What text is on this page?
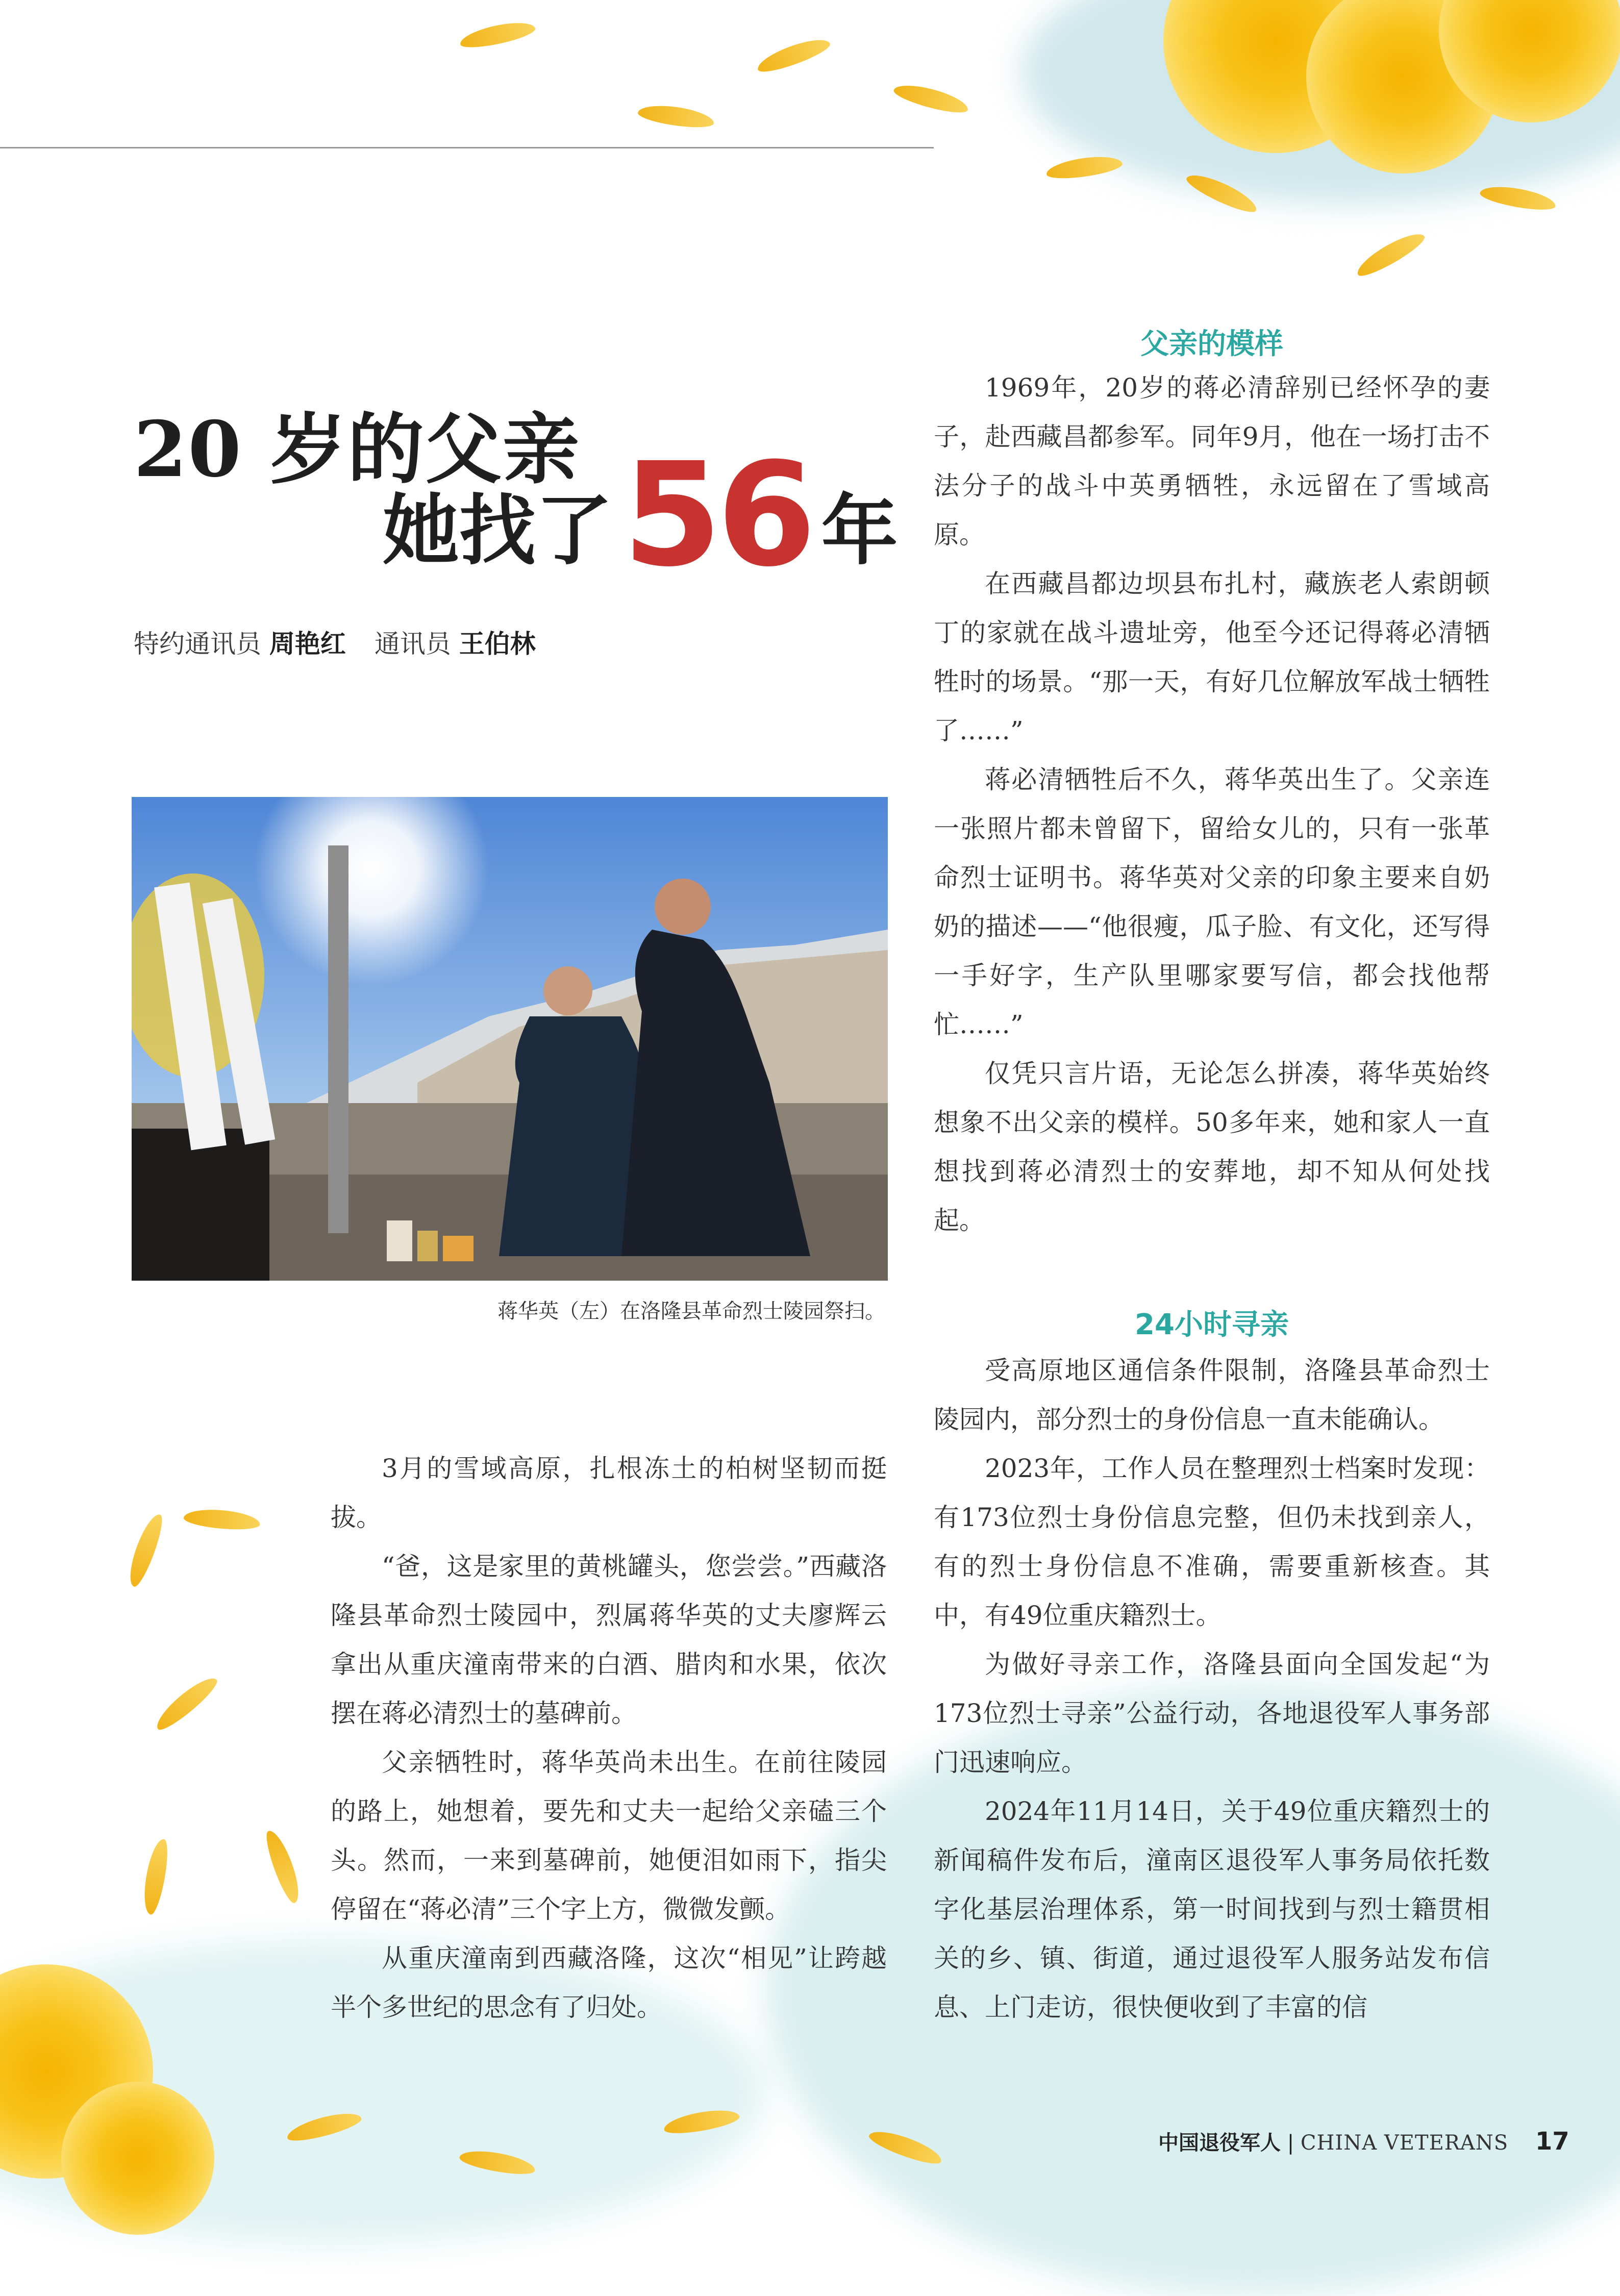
20 岁的父亲
她找了56 年
特约通讯员 周艳红 通讯员 王伯林
蒋华英（左）在洛隆县革命烈士陵园祭扫。

3月的雪域高原，扎根冻土的柏树坚韧而挺拔。

“爸，这是家里的黄桃罐头，您尝尝。”西藏洛隆县革命烈士陵园中，烈属蒋华英的丈夫廖辉云拿出从重庆潼南带来的白酒、腊肉和水果，依次摆在蒋必清烈士的墓碑前。

父亲牺牲时，蒋华英尚未出生。在前往陵园的路上，她想着，要先和丈夫一起给父亲磕三个头。然而，一来到墓碑前，她便泪如雨下，指尖停留在“蒋必清”三个字上方，微微发颤。

从重庆潼南到西藏洛隆，这次“相见”让跨越半个多世纪的思念有了归处。

父亲的模样

1969年，20岁的蒋必清辞别已经怀孕的妻子，赴西藏昌都参军。同年9月，他在一场打击不法分子的战斗中英勇牺牲，永远留在了雪域高原。

在西藏昌都边坝县布扎村，藏族老人索朗顿丁的家就在战斗遗址旁，他至今还记得蒋必清牺牲时的场景。“那一天，有好几位解放军战士牺牲了……”

蒋必清牺牲后不久，蒋华英出生了。父亲连一张照片都未曾留下，留给女儿的，只有一张革命烈士证明书。蒋华英对父亲的印象主要来自奶奶的描述——“他很瘦，瓜子脸、有文化，还写得一手好字，生产队里哪家要写信，都会找他帮忙……”

仅凭只言片语，无论怎么拼凑，蒋华英始终想象不出父亲的模样。50多年来，她和家人一直想找到蒋必清烈士的安葬地，却不知从何处找起。

24小时寻亲

受高原地区通信条件限制，洛隆县革命烈士陵园内，部分烈士的身份信息一直未能确认。

2023年，工作人员在整理烈士档案时发现：有173位烈士身份信息完整，但仍未找到亲人，有的烈士身份信息不准确，需要重新核查。其中，有49位重庆籍烈士。

为做好寻亲工作，洛隆县面向全国发起“为173位烈士寻亲”公益行动，各地退役军人事务部门迅速响应。

2024年11月14日，关于49位重庆籍烈士的新闻稿件发布后，潼南区退役军人事务局依托数字化基层治理体系，第一时间找到与烈士籍贯相关的乡、镇、街道，通过退役军人服务站发布信息、上门走访，很快便收到了丰富的信

中国退役军人 | CHINA VETERANS 17
